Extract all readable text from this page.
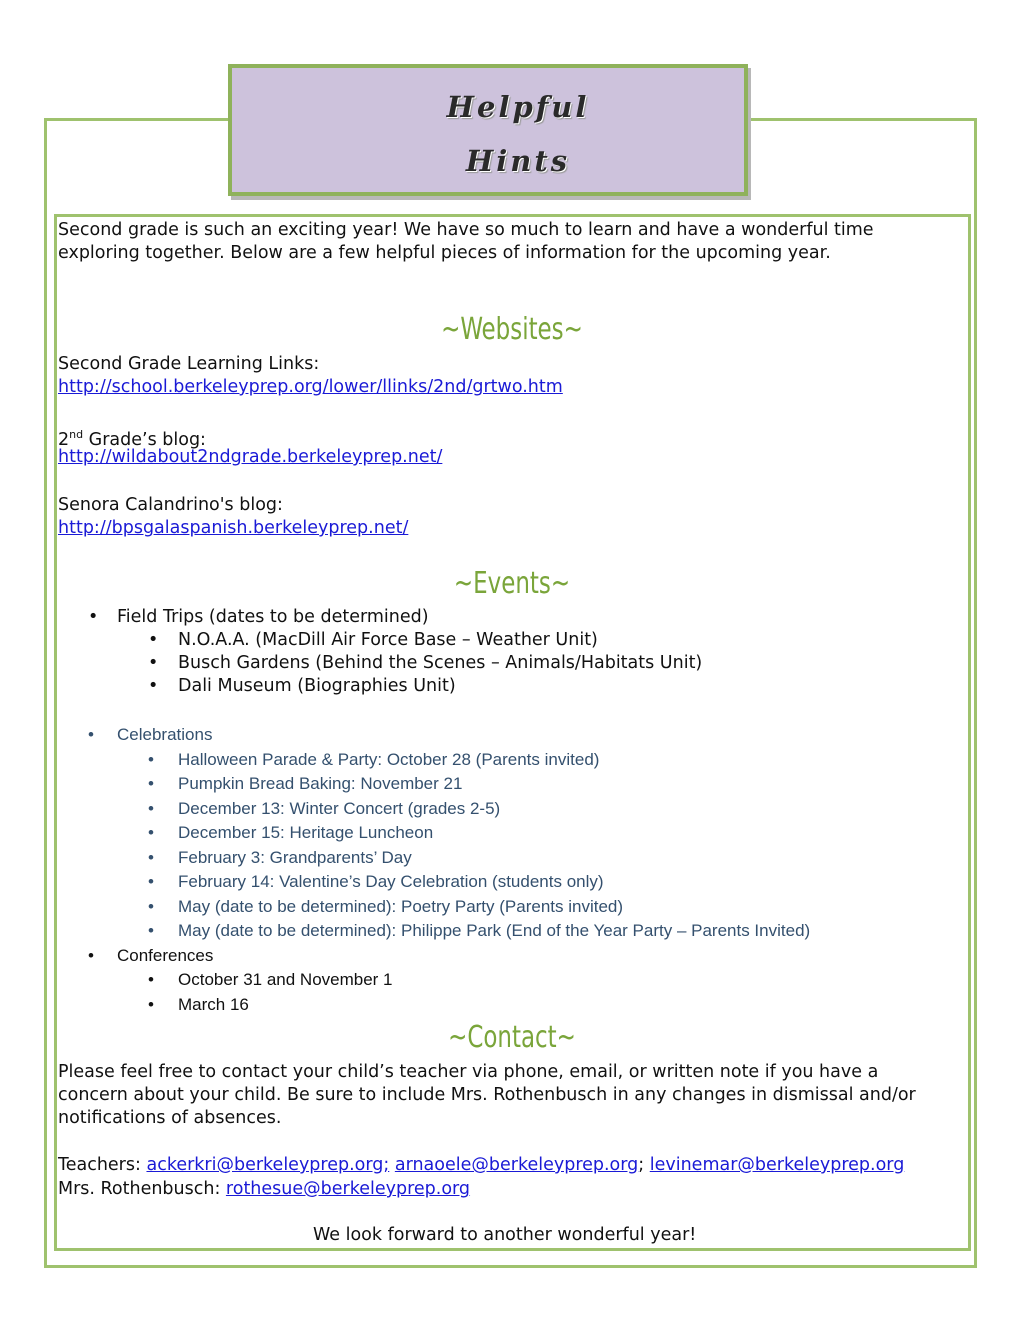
Helpful
Hints
Second grade is such an exciting year! We have so much to learn and have a wonderful time
exploring together. Below are a few helpful pieces of information for the upcoming year.
~Websites~
Second Grade Learning Links:
http://school.berkeleyprep.org/lower/llinks/2nd/grtwo.htm
2nd Grade’s blog:
http://wildabout2ndgrade.berkeleyprep.net/
Senora Calandrino's blog:
http://bpsgalaspanish.berkeleyprep.net/
~Events~
• Field Trips (dates to be determined)
• N.O.A.A. (MacDill Air Force Base – Weather Unit)
• Busch Gardens (Behind the Scenes – Animals/Habitats Unit)
• Dali Museum (Biographies Unit)
• Celebrations
• Halloween Parade & Party: October 28 (Parents invited)
• Pumpkin Bread Baking: November 21
• December 13: Winter Concert (grades 2-5)
• December 15: Heritage Luncheon
• February 3: Grandparents’ Day
• February 14: Valentine’s Day Celebration (students only)
• May (date to be determined): Poetry Party (Parents invited)
• May (date to be determined): Philippe Park (End of the Year Party – Parents Invited)
• Conferences
• October 31 and November 1
• March 16
~Contact~
Please feel free to contact your child’s teacher via phone, email, or written note if you have a
concern about your child. Be sure to include Mrs. Rothenbusch in any changes in dismissal and/or
notifications of absences.
Teachers: ackerkri@berkeleyprep.org; arnaoele@berkeleyprep.org; levinemar@berkeleyprep.org
Mrs. Rothenbusch: rothesue@berkeleyprep.org
We look forward to another wonderful year!
